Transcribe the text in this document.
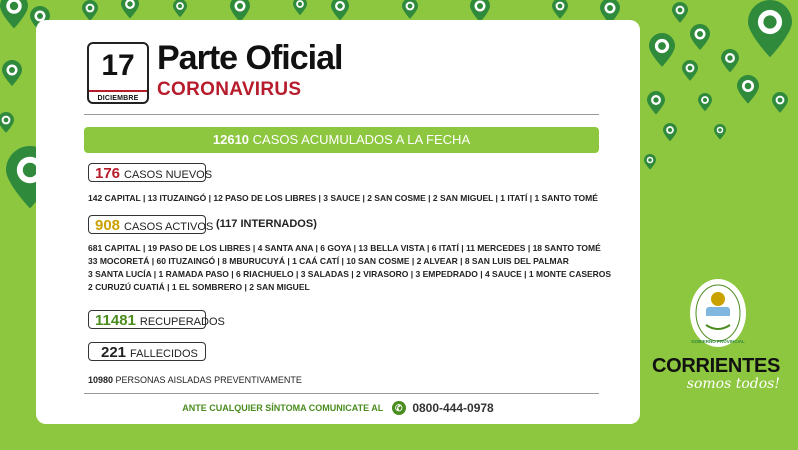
17
DICIEMBRE
Parte Oficial
CORONAVIRUS
12610 CASOS ACUMULADOS A LA FECHA
176 CASOS NUEVOS
142 CAPITAL | 13 ITUZAINGÓ | 12 PASO DE LOS LIBRES | 3 SAUCE | 2 SAN COSME | 2 SAN MIGUEL | 1 ITATÍ | 1 SANTO TOMÉ
908 CASOS ACTIVOS (117 INTERNADOS)
681 CAPITAL | 19 PASO DE LOS LIBRES | 4 SANTA ANA | 6 GOYA | 13 BELLA VISTA | 6 ITATÍ | 11 MERCEDES | 18 SANTO TOMÉ
33 MOCORETÁ | 60 ITUZAINGÓ | 8 MBURUCUYÁ | 1 CAÁ CATÍ | 10 SAN COSME | 2 ALVEAR | 8 SAN LUIS DEL PALMAR
3 SANTA LUCÍA | 1 RAMADA PASO | 6 RIACHUELO | 3 SALADAS | 2 VIRASORO | 3 EMPEDRADO | 4 SAUCE | 1 MONTE CASEROS
2 CURUZÚ CUATIÁ | 1 EL SOMBRERO | 2 SAN MIGUEL
11481 RECUPERADOS
221 FALLECIDOS
10980 PERSONAS AISLADAS PREVENTIVAMENTE
ANTE CUALQUIER SÍNTOMA COMUNICATE AL ✆ 0800-444-0978
GOBIERNO PROVINCIAL
CORRIENTES
somos todos!
